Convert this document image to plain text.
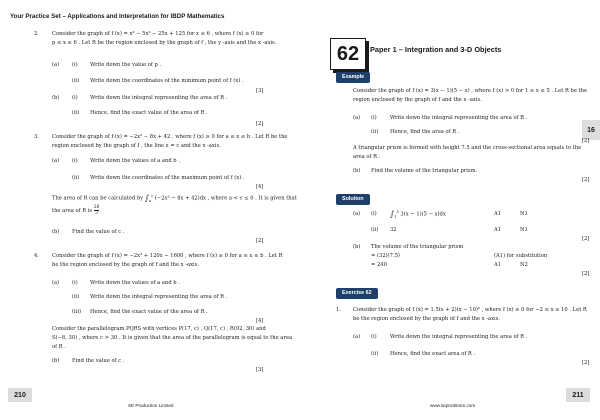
Your Practice Set – Applications and Interpretation for IBDP Mathematics
2.	Consider the graph of f (x) = x³ − 5x² − 25x + 125 for x ≤ 6 , where f (x) ≥ 0 for
p ≤ x ≤ 6 . Let R be the region enclosed by the graph of f , the y -axis and the x -axis.
(a) (i) Write down the value of p .
(ii) Write down the coordinates of the minimum point of f (x) .
[3]
(b) (i) Write down the integral representing the area of R .
(ii) Hence, find the exact value of the area of R .
[2]
3.	Consider the graph of f (x) = −2x² − 8x + 42 , where f (x) ≥ 0 for a ≤ x ≤ b . Let R be the
region enclosed by the graph of f , the line x = c and the x -axis.
(a) (i) Write down the values of a and b .
(ii) Write down the coordinates of the maximum point of f (x) .
[4]
The area of R can be calculated by $\int_a^c$ (−2x² − 8x + 42)dx , where a < c ≤ 0 . It is given that
the area of R is $\frac{28}{3}$ .
(b) Find the value of c .
[2]
4.	Consider the graph of f (x) = −2x³ + 120x − 1600 , where f (x) ≥ 0 for a ≤ x ≤ b . Let R
be the region enclosed by the graph of f and the x -axis.
(a) (i) Write down the values of a and b .
(ii) Write down the integral representing the area of R .
(iii) Hence, find the exact value of the area of R .
[4]
Consider the parallelogram PQRS with vertices P(17, c) , Q(17, c) , R(92, 30) and
S(−8, 30) , where c > 30 . It is given that the area of the parallelogram is equal to the area
of R .
(b) Find the value of c .
[3]
210
SE Production Limited
62	Paper 1 – Integration and 3-D Objects
16
Example
Consider the graph of f (x) = 3(x − 1)(5 − x) , where f (x) > 0 for 1 ≤ x ≤ 5 . Let R be the
region enclosed by the graph of f and the x -axis.
(a) (i)	Write down the integral representing the area of R .
(ii) Hence, find the area of R .
[2]
A triangular prism is formed with height 7.5 and the cross-sectional area equals to the
area of R .
(b) Find the volume of the triangular prism.
[2]
Solution
(a) (i) $\int_1^5$ 3(x − 1)(5 − x)dx	A1	N1
(ii) 32	A1	N1
[2]
(b) The volume of the triangular prism
= (32)(7.5)	(A1) for substitution
= 240	A1	N2
[2]
Exercise 62
1. Consider the graph of f (x) = 1.5(x + 2)(x − 10)² , where f (x) ≥ 0 for −2 ≤ x ≤ 10 . Let R
be the region enclosed by the graph of f and the x -axis.
(a) (i)	Write down the integral representing the area of R .
(ii) Hence, find the exact area of R .
[2]
211
www.seprodstore.com
